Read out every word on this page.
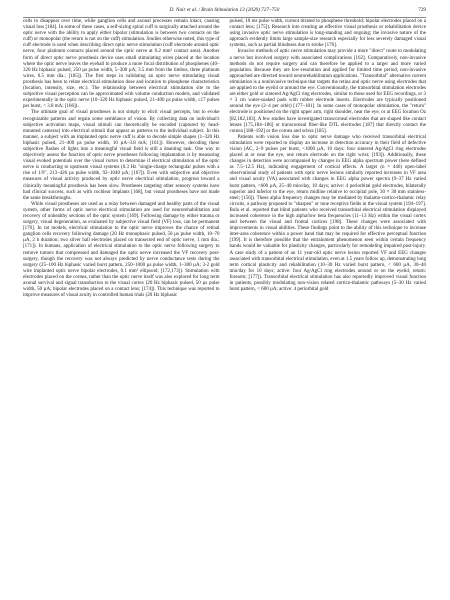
D. Nair et al. / Brain Stimulation 13 (2020) 727–750	729

cells to disappear over time, while ganglion cells and axonal processes remain intact, causing visual loss [184]. In some of these cases, a self-sizing spiral cuff is surgically attached around the optic nerve with the ability to apply either bipolar (stimulation is between two contacts on the cuff) or monopolar (the return is not on the cuff) stimulation. Studies otherwise noted, this type of cuff electrode is used when describing direct optic nerve stimulation (cuff electrode around optic nerve, four platinum contacts placed around the optic nerve at 0.2 mm² contact area). Another form of direct optic nerve prosthesis device uses small stimulating wires placed at the location where the optic nerve leaves the eyeball to produce a more focal distribution of phosphenes (40–320 Hz biphasic pulsed, 250 µs pulse width, 5–300 µA; 3.5 mm from the limbus, three platinum wires, 0.5 mm dia.; [185]). The first steps in validating an optic nerve stimulating visual prosthesis has been to relate electrical stimulation dose and location to phosphene characteristics (location, intensity, size, etc.). The relationship between electrical stimulation site to the subjective visual perception can be approximated with volume conduction models, and validated experimentally in the optic nerve (10–320 Hz biphasic pulsed, 21–400 µs pulse width, ≤17 pulses per burst, < 3.8 mA; [166]).

The ultimate goal of visual prostheses is not simply to elicit visual percepts, but to evoke recognizable patterns and regain some semblance of vision. By collecting data on individual's subjective activation maps, visual stimuli can theoretically be encoded (captured by head-mounted cameras) into electrical stimuli that appear as patterns to the individual subject. In this manner, a subject with an implanted optic nerve cuff is able to decode simple shapes (1–320 Hz biphasic pulsed, 21–400 µs pulse width, 10 µA–3.8 mA; [161]). However, decoding these subjective flashes of lights into a meaningful visual field is still a daunting task. One way to objectively assess the function of optic nerve prostheses following implantation is by measuring visual evoked potentials over the visual cortex to determine if electrical stimulation of the optic nerve is conducting to upstream visual systems (0.3 Hz "single-charge rectangular pulses with a rise of 1/9", 213–426 µs pulse width, 92–1040 µA; [167]). Even with subjective and objective measures of visual activity produced by optic nerve electrical stimulation, progress toward a clinically meaningful prosthesis has been slow. Prostheses targeting other sensory systems have had clinical success, such as with cochlear implants [168], but visual prostheses have not made the same breakthroughs.

While visual prostheses are used as a relay between damaged and healthy parts of the visual system, other forms of optic nerve electrical stimulation are used for neurorehabilitation and recovery of unhealthy sections of the optic system [169]. Following damage by either trauma or surgery, visual degeneration, as evaluated by subjective visual field (VF) loss, can be permanent [170]. In rat models, electrical stimulation to the optic nerve improves the chance of retinal ganglion cells recovery following damage (20 Hz monophasic pulsed, 50 µs pulse width, 10–70 µA, 2 h duration; two silver ball electrodes placed on transected end of optic nerve, 1 mm dia.; [171]). In humans, application of electrical stimulation to the optic nerve following surgery to remove tumors that compressed and damaged the optic nerve increased the VF recovery post-surgery, though the recovery was not always predicted by nerve conductance tests during the surgery (25–100 Hz biphasic varied burst pattern, 250–1000 µs pulse width, 1–300 µA; 3-2 gold wire implanted optic nerve bipolar electrodes, 0.1 mm² ellipsoid; [172,173]). Stimulation with electrodes placed on the cornea, rather than the optic nerve itself was also explored for long term axonal survival and signal transduction to the visual cortex (20 Hz biphasic pulsed, 50 µs pulse width, 50 µA; bipolar electrodes placed on a contact lens; [174]). This technique was reported to improve measures of visual acuity in controlled human trials (20 Hz biphasic

pulsed, 10 ms pulse width, current titrated to phosphene threshold; bipolar electrodes placed on a contact lens; [175]). Research into creating an effective visual prosthesis or rehabilitation device using invasive optic nerve stimulation is long-standing and ongoing; the invasive nature of the approach evidently limits large sample-size research especially for less severely damaged visual systems, such as partial blindness due to stroke [176].

Invasive methods of optic nerve stimulation may provide a more "direct" route to modulating a nerve but involved surgery with associated complications [162]. Comparatively, non-invasive methods do not require surgery and can therefore be applied to a larger and more varied population. Because they are low-resolution and applied for limited time period, non-invasive approached are directed toward neurorehabilitation applications. "Transorbital" alternative current stimulation is a noninvasive technique that targets the retina and optic nerve using electrodes that are applied to the eyelid or around the eye. Conventionally, the transorbital stimulation electrodes are either gold or sintered Ag/AgCl ring electrodes, similar to those used for EEG recordings, or 3 × 3 cm water-soaked pads with rubber electrode inserts. Electrodes are typically positioned around the eye (2–4 per orbit) [177–181]. In some cases of monopolar stimulation, the "return" electrode is positioned on the right upper arm, right shoulder, near the eye, or at EEG location Oz [82,182,183]. A few studies have investigated transcorneal electrodes that are shaped like contact lenses [175,184–186] or transcorneal fiber-like DTL electrodes [187] that directly contact the cornea [188–192] or the cornea and sclera [185].

Patients with vision loss due to optic nerve damage who received transorbital electrical stimulation were reported to display an increase in detection accuracy in their field of defective vision (AC, 2–9 pulses per burst, <1000 µA, 10 days; four sintered Ag/AgCl ring electrodes placed at or near the eye, one return electrode on the right wrist; [193]). Additionally, these changes in detection were accompanied by changes in EEG alpha spectrum power (here defined as 7.5–12.5 Hz), indicating engagement of cortical effects. A larger (n = 446) open-label observational study of patients with optic nerve lesions similarly reported increases in VF area and visual acuity (VA) associated with changes in EEG alpha power spectra (9–37 Hz varied burst pattern, <600 µA, 25–40 min/day, 10 days; active: 4 periorbital gold electrodes, bilaterally superior and inferior to the eye, return midline relative to occipital pole, 30 × 30 mm stainless-steel; [156]). These alpha frequency changes may be mediated by thalamo-cortico-thalamic relay circuits, a pathway proposed to "sharpen" or tune receptive fields in the visual system [194–197]. Bola et al. reported that blind patients who received transorbital electrical stimulation displayed increased coherence in the high alpha/low beta frequencies (11–13 Hz) within the visual cortex and between the visual and frontal cortices [198]. These changes were associated with improvements in visual abilities. These findings point to the ability of this technique to increase inter-area coherence within a power band that may be required for effective perceptual function [199]. It is therefore possible that the entrainment phenomenon seen within certain frequency bands would be valuable for plasticity changes, particularly for remodeling impaired post-injury. A case study of a patient of an 11 year-old optic nerve lesion reported VF and EEG changes associated with transorbital electrical stimulation, even at 1.5 years follow up, demonstrating long term cortical plasticity and rehabilitation (10–30 Hz varied burst pattern, < 600 µA, 30–40 min/day for 10 days; active: four Ag/AgCl ring electrodes around or on the eyelid, return: forearm; [177]). Transorbital electrical stimulation has also reportedly improved visual function in patients, possibly modulating non-vision related cortico-thalamic pathways (5–30 Hz varied burst pattern, < 600 µA; active: 4 periorbital gold
